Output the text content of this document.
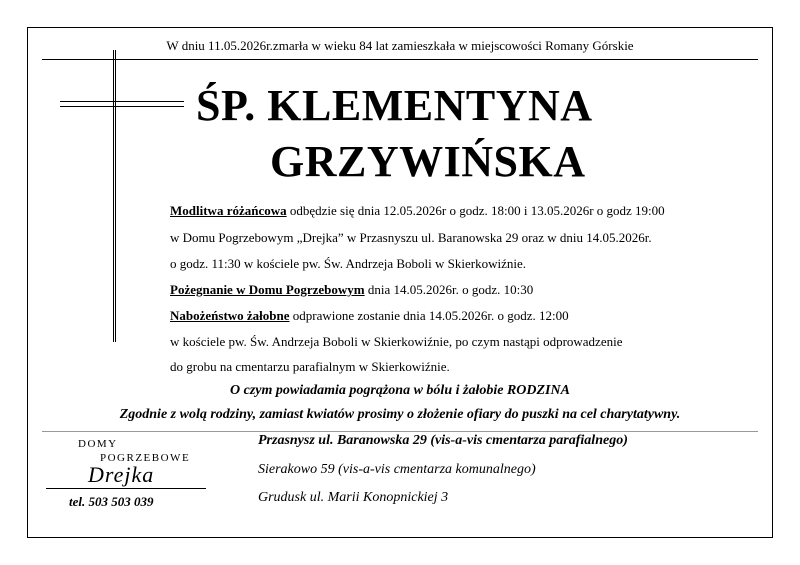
W dniu 11.05.2026r.zmarła w wieku 84 lat zamieszkała w miejscowości Romany Górskie
ŚP. KLEMENTYNA
GRZYWIŃSKA
Modlitwa różańcowa odbędzie się dnia 12.05.2026r o godz. 18:00 i 13.05.2026r o godz 19:00
w Domu Pogrzebowym „Drejka” w Przasnyszu ul. Baranowska 29 oraz w dniu 14.05.2026r.
o godz. 11:30 w kościele pw. Św. Andrzeja Boboli w Skierkowiźnie.
Pożegnanie w Domu Pogrzebowym dnia 14.05.2026r. o godz. 10:30
Nabożeństwo żałobne odprawione zostanie dnia 14.05.2026r. o godz. 12:00
w kościele pw. Św. Andrzeja Boboli w Skierkowiźnie, po czym nastąpi odprowadzenie
do grobu na cmentarzu parafialnym w Skierkowiźnie.
O czym powiadamia pogrążona w bólu i żałobie RODZINA
Zgodnie z wolą rodziny, zamiast kwiatów prosimy o złożenie ofiary do puszki na cel charytatywny.
DOMY
POGRZEBOWE
Drejka
tel. 503 503 039
Przasnysz ul. Baranowska 29 (vis-a-vis cmentarza parafialnego)
Sierakowo 59 (vis-a-vis cmentarza komunalnego)
Grudusk ul. Marii Konopnickiej 3
